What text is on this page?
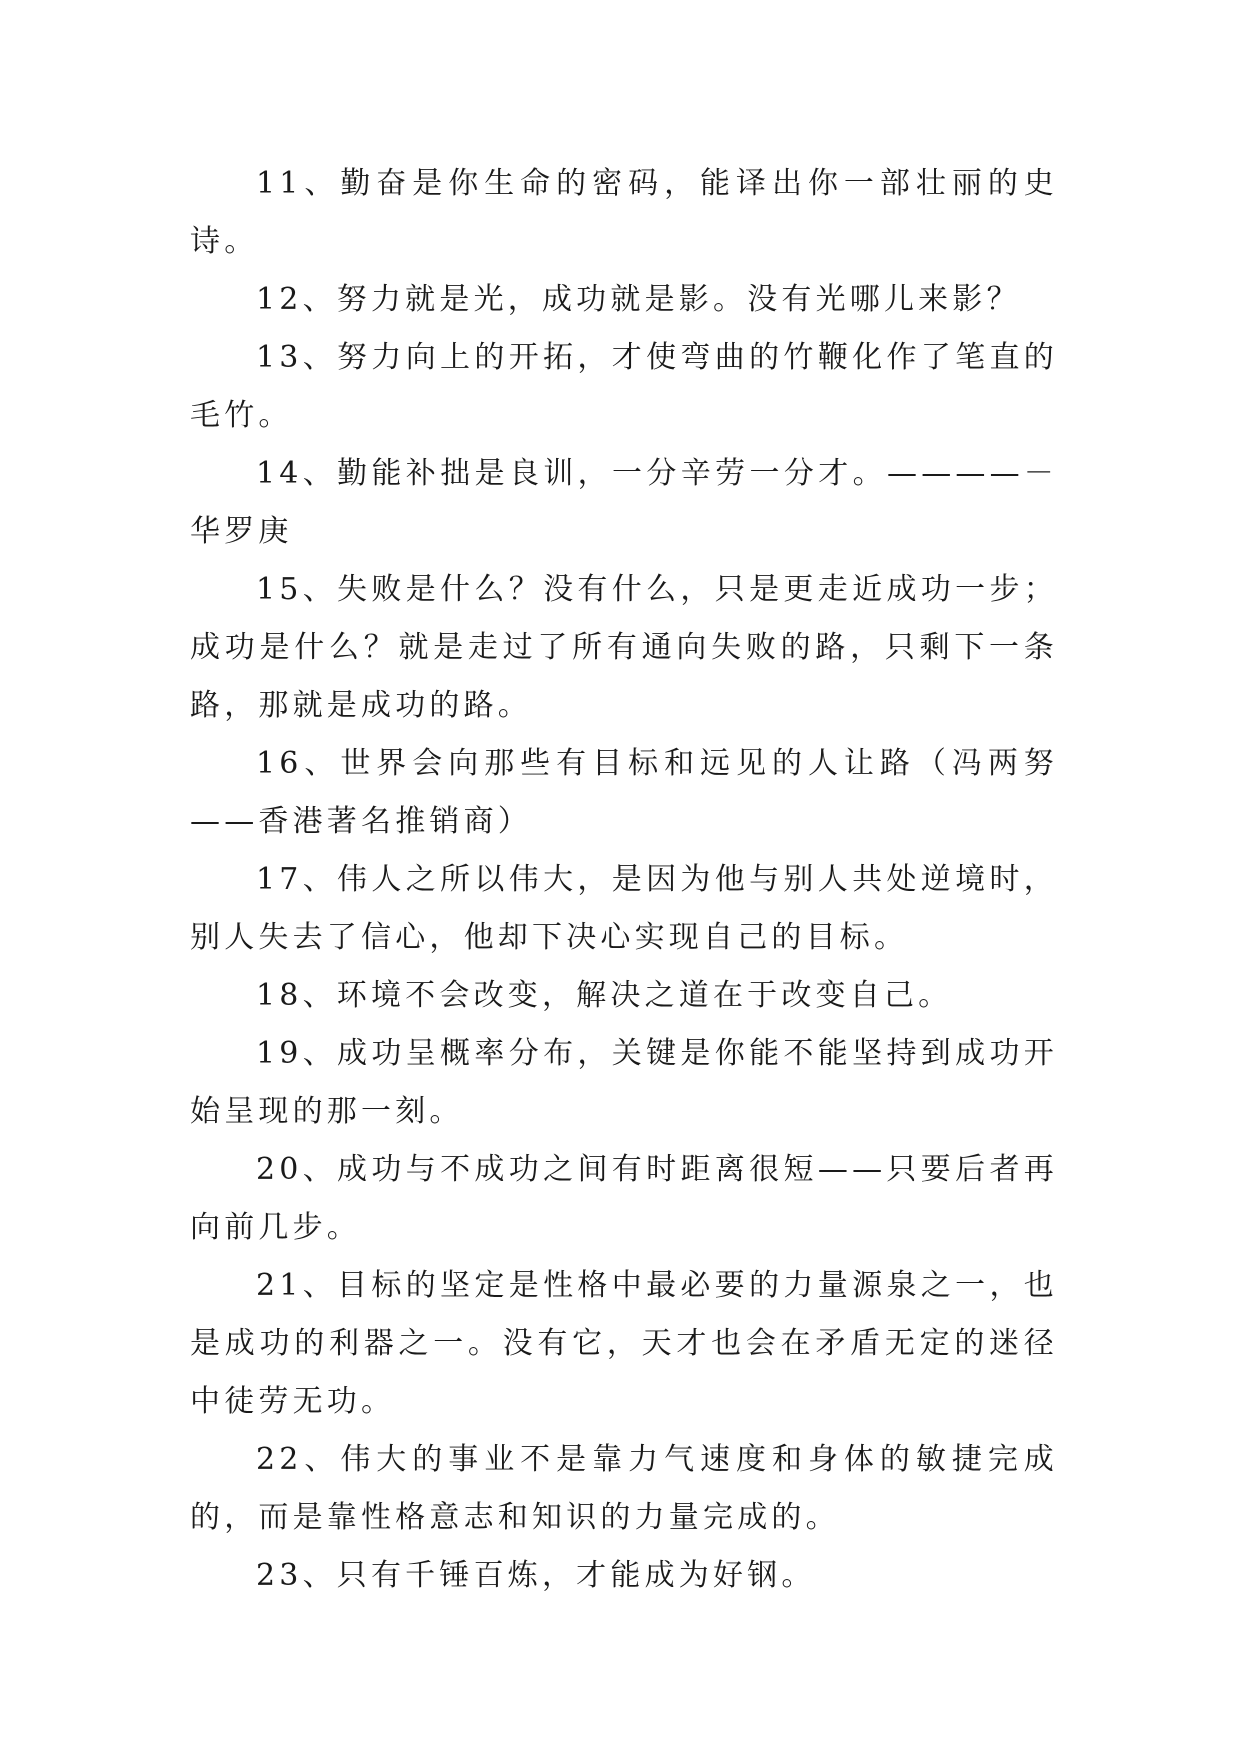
11、勤奋是你生命的密码，能译出你一部壮丽的史诗。

12、努力就是光，成功就是影。没有光哪儿来影？

13、努力向上的开拓，才使弯曲的竹鞭化作了笔直的毛竹。

14、勤能补拙是良训，一分辛劳一分才。————－华罗庚

15、失败是什么？没有什么，只是更走近成功一步；成功是什么？就是走过了所有通向失败的路，只剩下一条路，那就是成功的路。

16、世界会向那些有目标和远见的人让路（冯两努——香港著名推销商）

17、伟人之所以伟大，是因为他与别人共处逆境时，别人失去了信心，他却下决心实现自己的目标。

18、环境不会改变，解决之道在于改变自己。

19、成功呈概率分布，关键是你能不能坚持到成功开始呈现的那一刻。

20、成功与不成功之间有时距离很短——只要后者再向前几步。

21、目标的坚定是性格中最必要的力量源泉之一，也是成功的利器之一。没有它，天才也会在矛盾无定的迷径中徒劳无功。

22、伟大的事业不是靠力气速度和身体的敏捷完成的，而是靠性格意志和知识的力量完成的。

23、只有千锤百炼，才能成为好钢。
